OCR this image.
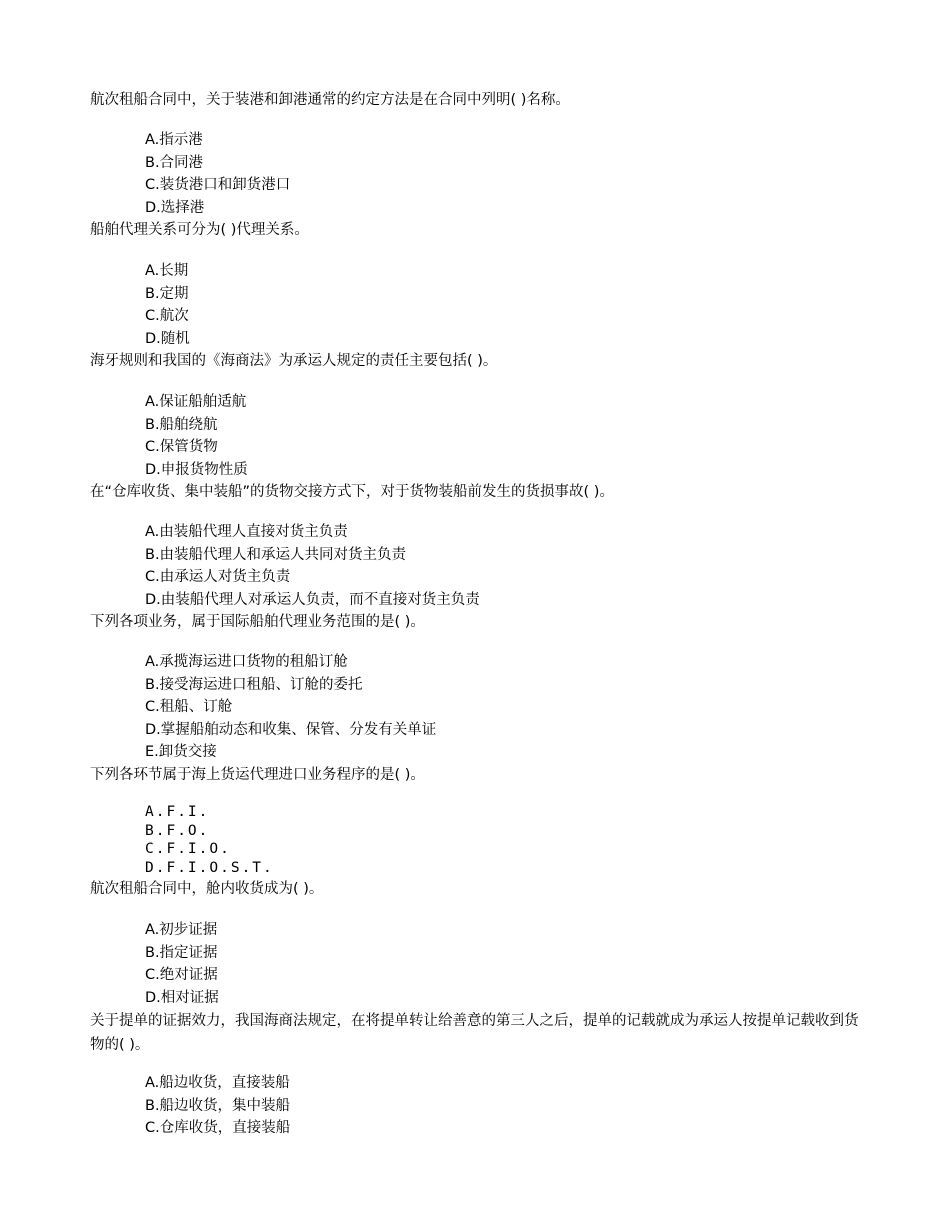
航次租船合同中，关于装港和卸港通常的约定方法是在合同中列明( )名称。

A.指示港
B.合同港
C.装货港口和卸货港口
D.选择港

船舶代理关系可分为( )代理关系。

A.长期
B.定期
C.航次
D.随机

海牙规则和我国的《海商法》为承运人规定的责任主要包括( )。

A.保证船舶适航
B.船舶绕航
C.保管货物
D.申报货物性质

在“仓库收货、集中装船”的货物交接方式下，对于货物装船前发生的货损事故( )。

A.由装船代理人直接对货主负责
B.由装船代理人和承运人共同对货主负责
C.由承运人对货主负责
D.由装船代理人对承运人负责，而不直接对货主负责

下列各项业务，属于国际船舶代理业务范围的是( )。

A.承揽海运进口货物的租船订舱
B.接受海运进口租船、订舱的委托
C.租船、订舱
D.掌握船舶动态和收集、保管、分发有关单证
E.卸货交接

下列各环节属于海上货运代理进口业务程序的是( )。

A.F.I.
B.F.O.
C.F.I.O.
D.F.I.O.S.T.

航次租船合同中，舱内收货成为( )。

A.初步证据
B.指定证据
C.绝对证据
D.相对证据

关于提单的证据效力，我国海商法规定，在将提单转让给善意的第三人之后，提单的记载就成为承运人按提单记载收到货物的( )。

A.船边收货，直接装船
B.船边收货，集中装船
C.仓库收货，直接装船
